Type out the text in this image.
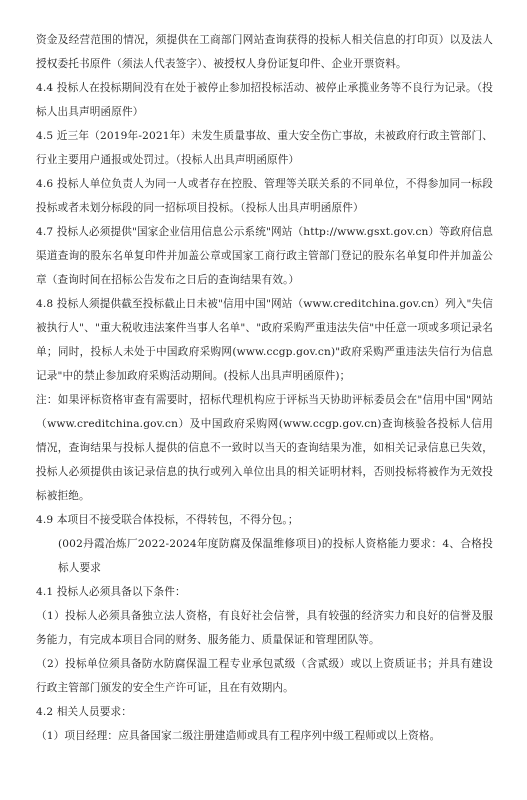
资金及经营范围的情况，须提供在工商部门网站查询获得的投标人相关信息的打印页）以及法人授权委托书原件（须法人代表签字）、被授权人身份证复印件、企业开票资料。

4.4 投标人在投标期间没有在处于被停止参加招投标活动、被停止承揽业务等不良行为记录。（投标人出具声明函原件）

4.5 近三年（2019年-2021年）未发生质量事故、重大安全伤亡事故，未被政府行政主管部门、行业主要用户通报或处罚过。（投标人出具声明函原件）

4.6 投标人单位负责人为同一人或者存在控股、管理等关联关系的不同单位，不得参加同一标段投标或者未划分标段的同一招标项目投标。（投标人出具声明函原件）

4.7 投标人必须提供"国家企业信用信息公示系统"网站（http://www.gsxt.gov.cn）等政府信息渠道查询的股东名单复印件并加盖公章或国家工商行政主管部门登记的股东名单复印件并加盖公章（查询时间在招标公告发布之日后的查询结果有效。）

4.8 投标人须提供截至投标截止日未被"信用中国"网站（www.creditchina.gov.cn）列入"失信被执行人"、"重大税收违法案件当事人名单"、"政府采购严重违法失信"中任意一项或多项记录名单；同时，投标人未处于中国政府采购网(www.ccgp.gov.cn)"政府采购严重违法失信行为信息记录"中的禁止参加政府采购活动期间。(投标人出具声明函原件)；

注：如果评标资格审查有需要时，招标代理机构应于评标当天协助评标委员会在"信用中国"网站（www.creditchina.gov.cn）及中国政府采购网(www.ccgp.gov.cn)查询核验各投标人信用情况，查询结果与投标人提供的信息不一致时以当天的查询结果为准，如相关记录信息已失效，投标人必须提供由该记录信息的执行或列入单位出具的相关证明材料，否则投标将被作为无效投标被拒绝。

4.9 本项目不接受联合体投标，不得转包，不得分包。；

(002丹霞冶炼厂2022-2024年度防腐及保温维修项目)的投标人资格能力要求：4、合格投标人要求

4.1 投标人必须具备以下条件：

（1）投标人必须具备独立法人资格，有良好社会信誉，具有较强的经济实力和良好的信誉及服务能力，有完成本项目合同的财务、服务能力、质量保证和管理团队等。

（2）投标单位须具备防水防腐保温工程专业承包贰级（含贰级）或以上资质证书；并具有建设行政主管部门颁发的安全生产许可证，且在有效期内。

4.2 相关人员要求：

（1）项目经理：应具备国家二级注册建造师或具有工程序列中级工程师或以上资格。
